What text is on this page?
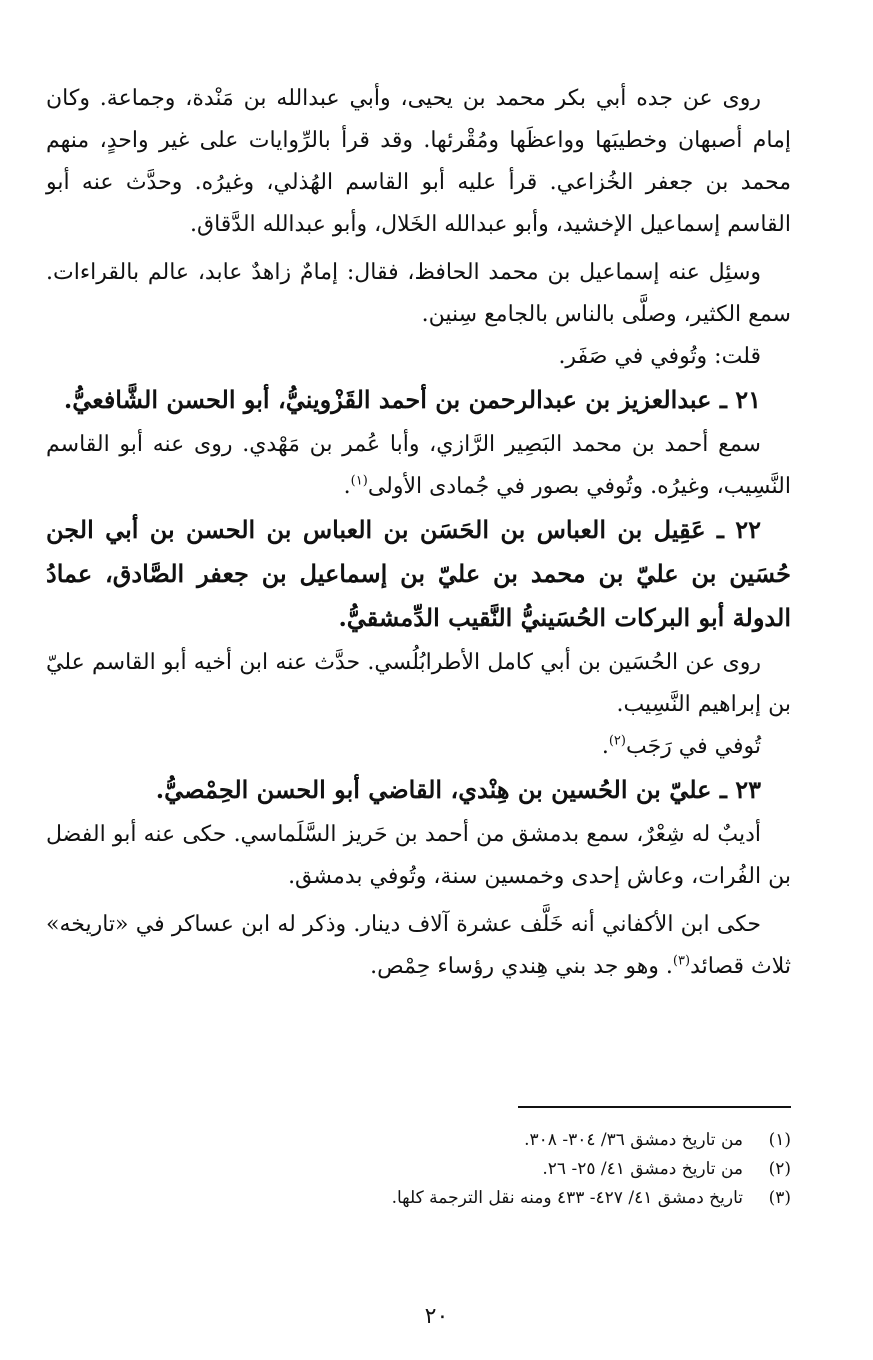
روى عن جده أبي بكر محمد بن يحيى، وأبي عبدالله بن مَنْدة، وجماعة. وكان إمام أصبهان وخطيبَها وواعظَها ومُقْرئها. وقد قرأ بالرِّوايات على غير واحدٍ، منهم محمد بن جعفر الخُزاعي. قرأ عليه أبو القاسم الهُذلي، وغيرُه. وحدَّث عنه أبو القاسم إسماعيل الإخشيد، وأبو عبدالله الخَلال، وأبو عبدالله الدَّقاق.

وسئِل عنه إسماعيل بن محمد الحافظ، فقال: إمامٌ زاهدٌ عابد، عالم بالقراءات. سمع الكثير، وصلَّى بالناس بالجامع سِنين.

قلت: وتُوفي في صَفَر.

٢١ ـ عبدالعزيز بن عبدالرحمن بن أحمد القَزْوينيُّ، أبو الحسن الشَّافعيُّ.

سمع أحمد بن محمد البَصِير الرَّازي، وأبا عُمر بن مَهْدي. روى عنه أبو القاسم النَّسِيب، وغيرُه. وتُوفي بصور في جُمادى الأولى$^{(١)}$.

٢٢ ـ عَقِيل بن العباس بن الحَسَن بن العباس بن الحسن بن أبي الجن حُسَين بن عليّ بن محمد بن عليّ بن إسماعيل بن جعفر الصَّادق، عمادُ الدولة أبو البركات الحُسَينيُّ النَّقيب الدِّمشقيُّ.

روى عن الحُسَين بن أبي كامل الأطرابُلُسي. حدَّث عنه ابن أخيه أبو القاسم عليّ بن إبراهيم النَّسِيب.

تُوفي في رَجَب$^{(٢)}$.

٢٣ ـ عليّ بن الحُسين بن هِنْدي، القاضي أبو الحسن الحِمْصيُّ.

أديبٌ له شِعْرٌ، سمع بدمشق من أحمد بن حَريز السَّلَماسي. حكى عنه أبو الفضل بن الفُرات، وعاش إحدى وخمسين سنة، وتُوفي بدمشق.

حكى ابن الأكفاني أنه خَلَّف عشرة آلاف دينار. وذكر له ابن عساكر في «تاريخه» ثلاث قصائد$^{(٣)}$. وهو جد بني هِندي رؤساء حِمْص.

(١)
من تاريخ دمشق ٣٦/ ٣٠٤- ٣٠٨.
(٢)
من تاريخ دمشق ٤١/ ٢٥- ٢٦.
(٣)
تاريخ دمشق ٤١/ ٤٢٧- ٤٣٣ ومنه نقل الترجمة كلها.
٢٠
